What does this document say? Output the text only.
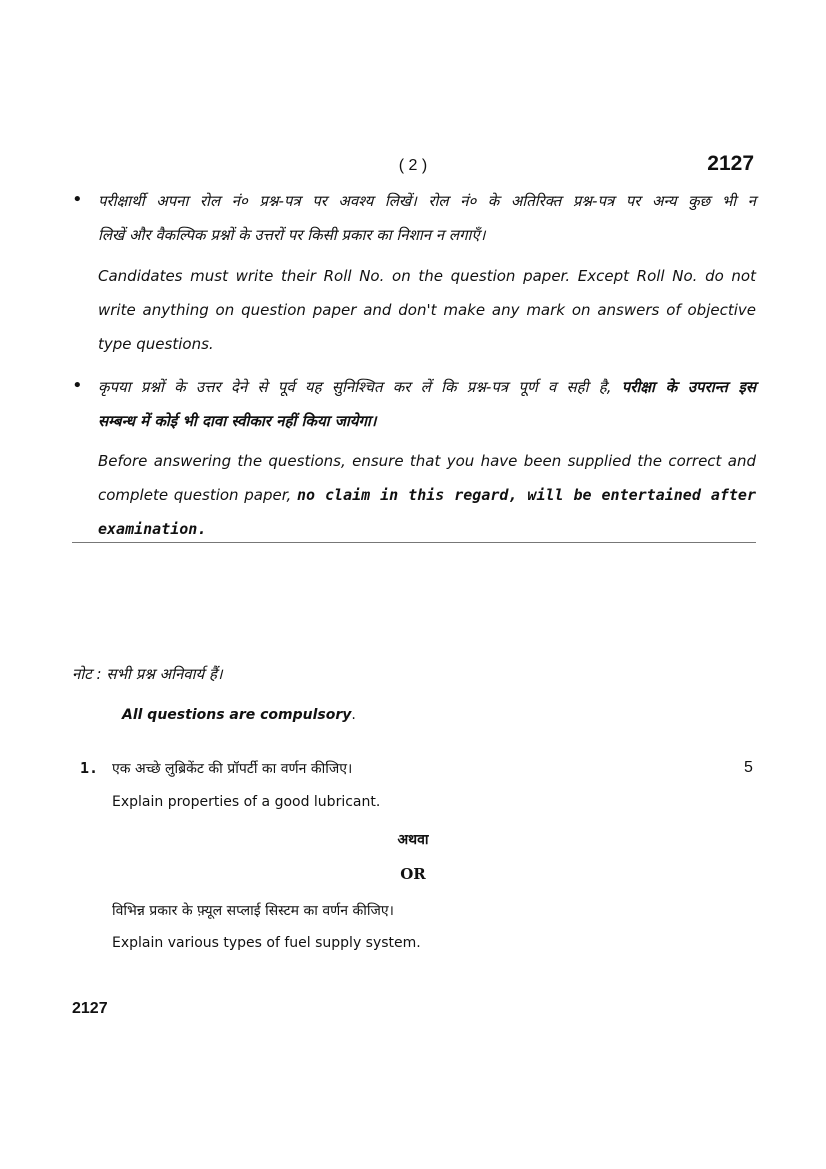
( 2 )	2127
• परीक्षार्थी अपना रोल नं० प्रश्न-पत्र पर अवश्य लिखें। रोल नं० के अतिरिक्त प्रश्न-पत्र पर अन्य कुछ भी न
लिखें और वैकल्पिक प्रश्नों के उत्तरों पर किसी प्रकार का निशान न लगाएँ।
Candidates must write their Roll No. on the question paper. Except Roll No. do not
write anything on question paper and don't make any mark on answers of objective
type questions.
• कृपया प्रश्नों के उत्तर देने से पूर्व यह सुनिश्चित कर लें कि प्रश्न-पत्र पूर्ण व सही है, परीक्षा के उपरान्त इस
सम्बन्ध में कोई भी दावा स्वीकार नहीं किया जायेगा।
Before answering the questions, ensure that you have been supplied the correct and
complete question paper, no claim in this regard, will be entertained after
examination.
नोट : सभी प्रश्न अनिवार्य हैं।
All questions are compulsory.
1. एक अच्छे लुब्रिकेंट की प्रॉपर्टी का वर्णन कीजिए।	5
Explain properties of a good lubricant.
अथवा
OR
विभिन्न प्रकार के फ़्यूल सप्लाई सिस्टम का वर्णन कीजिए।
Explain various types of fuel supply system.
2127
